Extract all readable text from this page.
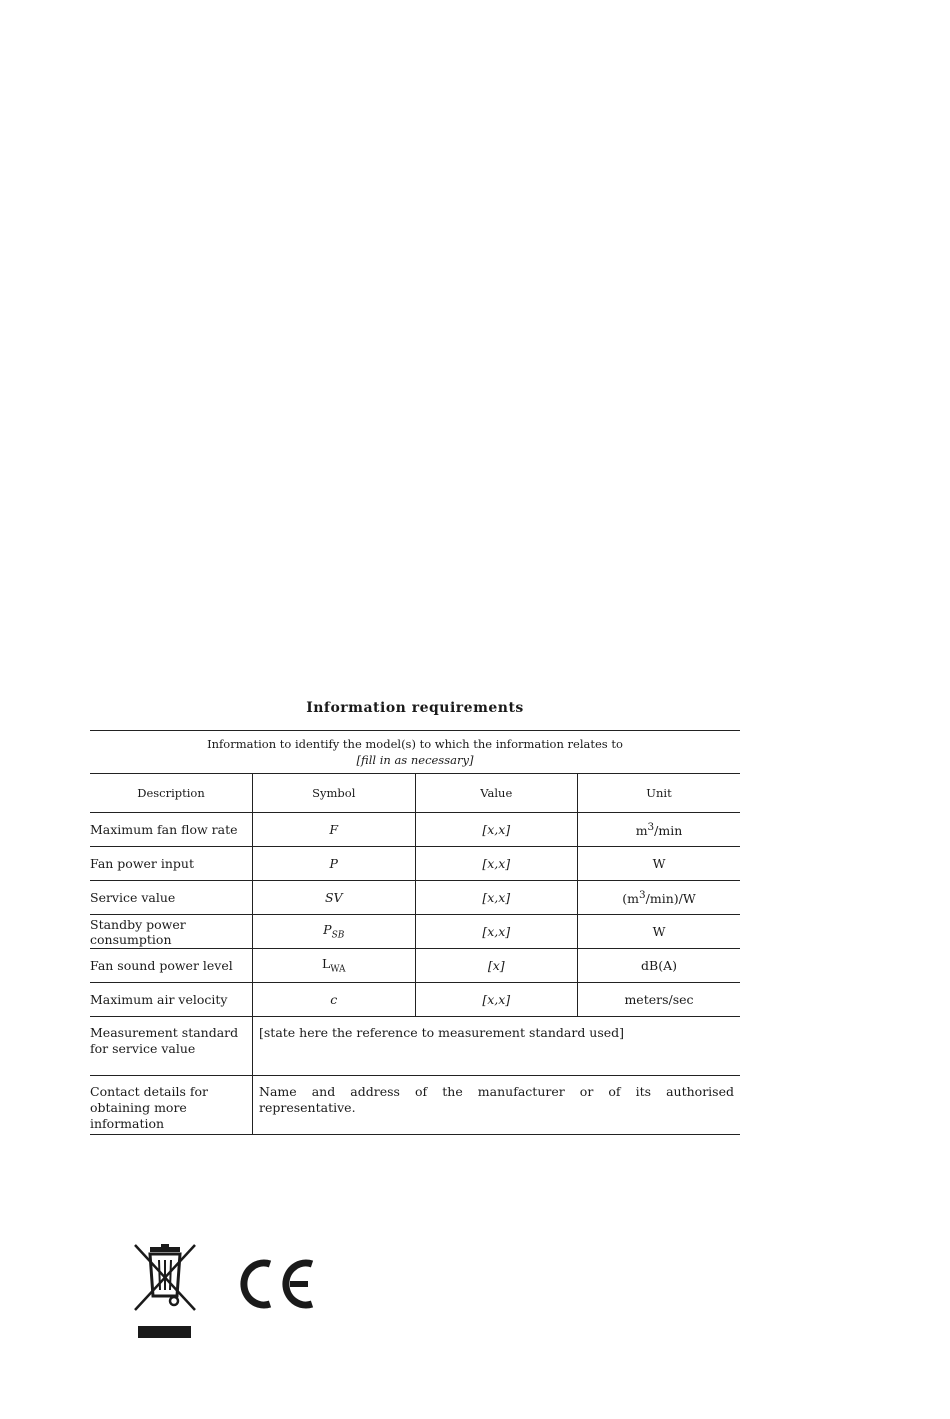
Information requirements
Information to identify the model(s) to which the information relates to
[fill in as necessary]			

Description	Symbol	Value	Unit
Maximum fan flow rate	F	[x,x]	$m^3/\min$
Fan power input	P	[x,x]	W
Service value	SV	[x,x]	$(m^3/\min)/W$
Standby power consumption	$P_{SB}$	[x,x]	W
Fan sound power level	$L_{WA}$	[x]	dB(A)
Maximum air velocity	c	[x,x]	meters/sec
Measurement standard for service value	[state here the reference to measurement standard used]		
Contact details for obtaining more information	Name and address of the manufacturer or of its authorised representative.		
